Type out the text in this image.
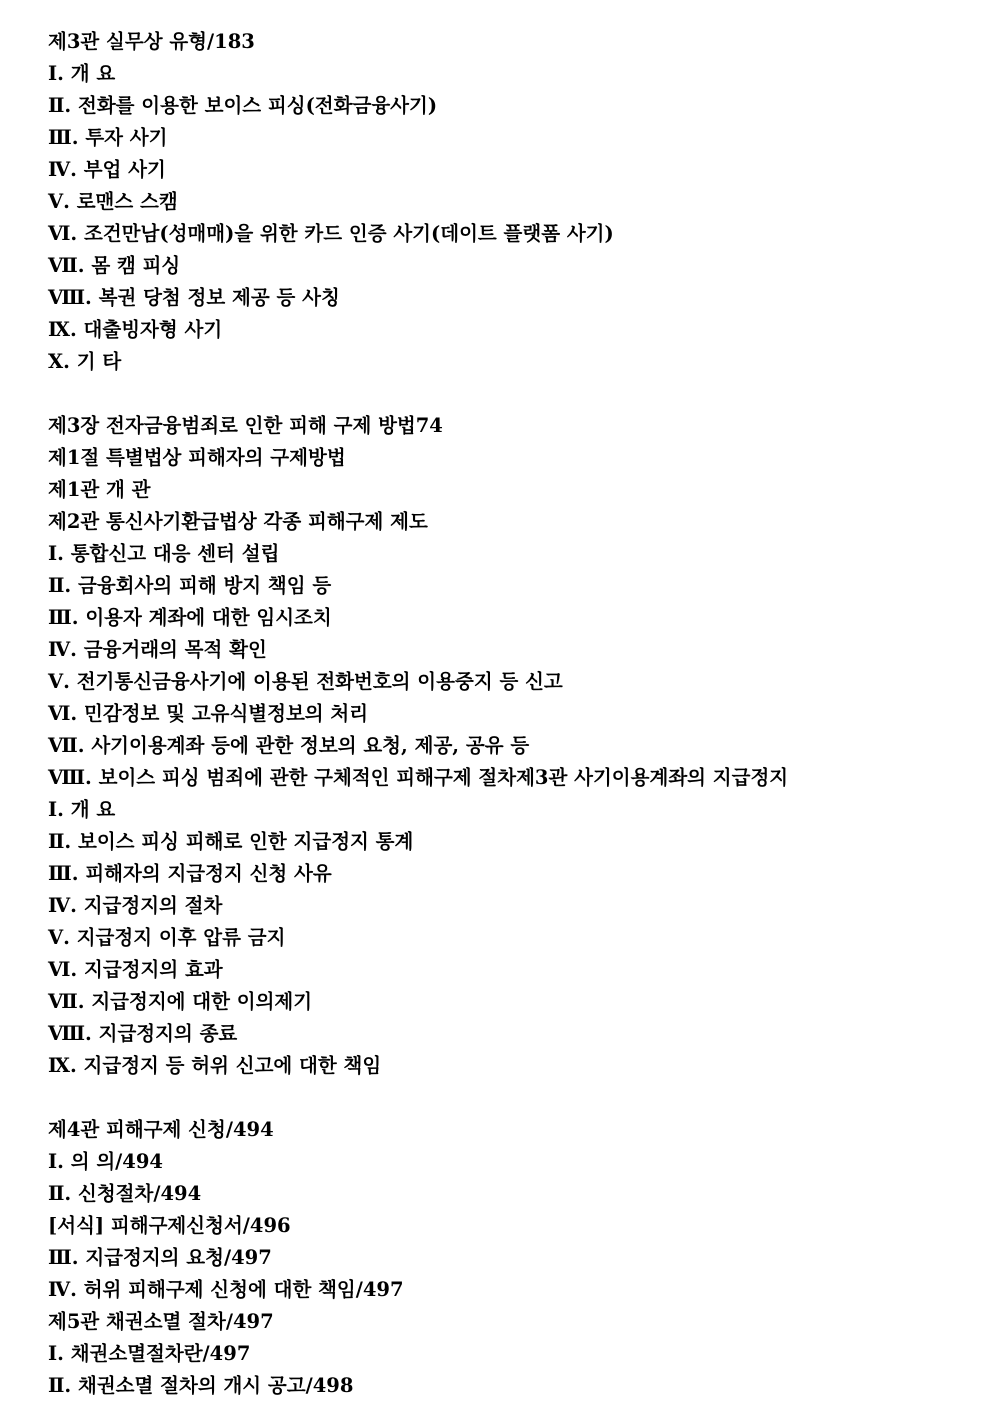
제3관 실무상 유형/183
Ⅰ. 개 요
Ⅱ. 전화를 이용한 보이스 피싱(전화금융사기)
Ⅲ. 투자 사기
Ⅳ. 부업 사기
Ⅴ. 로맨스 스캠
Ⅵ. 조건만남(성매매)을 위한 카드 인증 사기(데이트 플랫폼 사기)
Ⅶ. 몸 캠 피싱
Ⅷ. 복권 당첨 정보 제공 등 사칭
Ⅸ. 대출빙자형 사기
Ⅹ. 기 타
제3장 전자금융범죄로 인한 피해 구제 방법74
제1절 특별법상 피해자의 구제방법
제1관 개 관
제2관 통신사기환급법상 각종 피해구제 제도
Ⅰ. 통합신고 대응 센터 설립
Ⅱ. 금융회사의 피해 방지 책임 등
Ⅲ. 이용자 계좌에 대한 임시조치
Ⅳ. 금융거래의 목적 확인
Ⅴ. 전기통신금융사기에 이용된 전화번호의 이용중지 등 신고
Ⅵ. 민감정보 및 고유식별정보의 처리
Ⅶ. 사기이용계좌 등에 관한 정보의 요청, 제공, 공유 등
Ⅷ. 보이스 피싱 범죄에 관한 구체적인 피해구제 절차제3관 사기이용계좌의 지급정지
Ⅰ. 개 요
Ⅱ. 보이스 피싱 피해로 인한 지급정지 통계
Ⅲ. 피해자의 지급정지 신청 사유
Ⅳ. 지급정지의 절차
Ⅴ. 지급정지 이후 압류 금지
Ⅵ. 지급정지의 효과
Ⅶ. 지급정지에 대한 이의제기
Ⅷ. 지급정지의 종료
Ⅸ. 지급정지 등 허위 신고에 대한 책임
제4관 피해구제 신청/494
Ⅰ. 의 의/494
Ⅱ. 신청절차/494
[서식] 피해구제신청서/496
Ⅲ. 지급정지의 요청/497
Ⅳ. 허위 피해구제 신청에 대한 책임/497
제5관 채권소멸 절차/497
Ⅰ. 채권소멸절차란/497
Ⅱ. 채권소멸 절차의 개시 공고/498
